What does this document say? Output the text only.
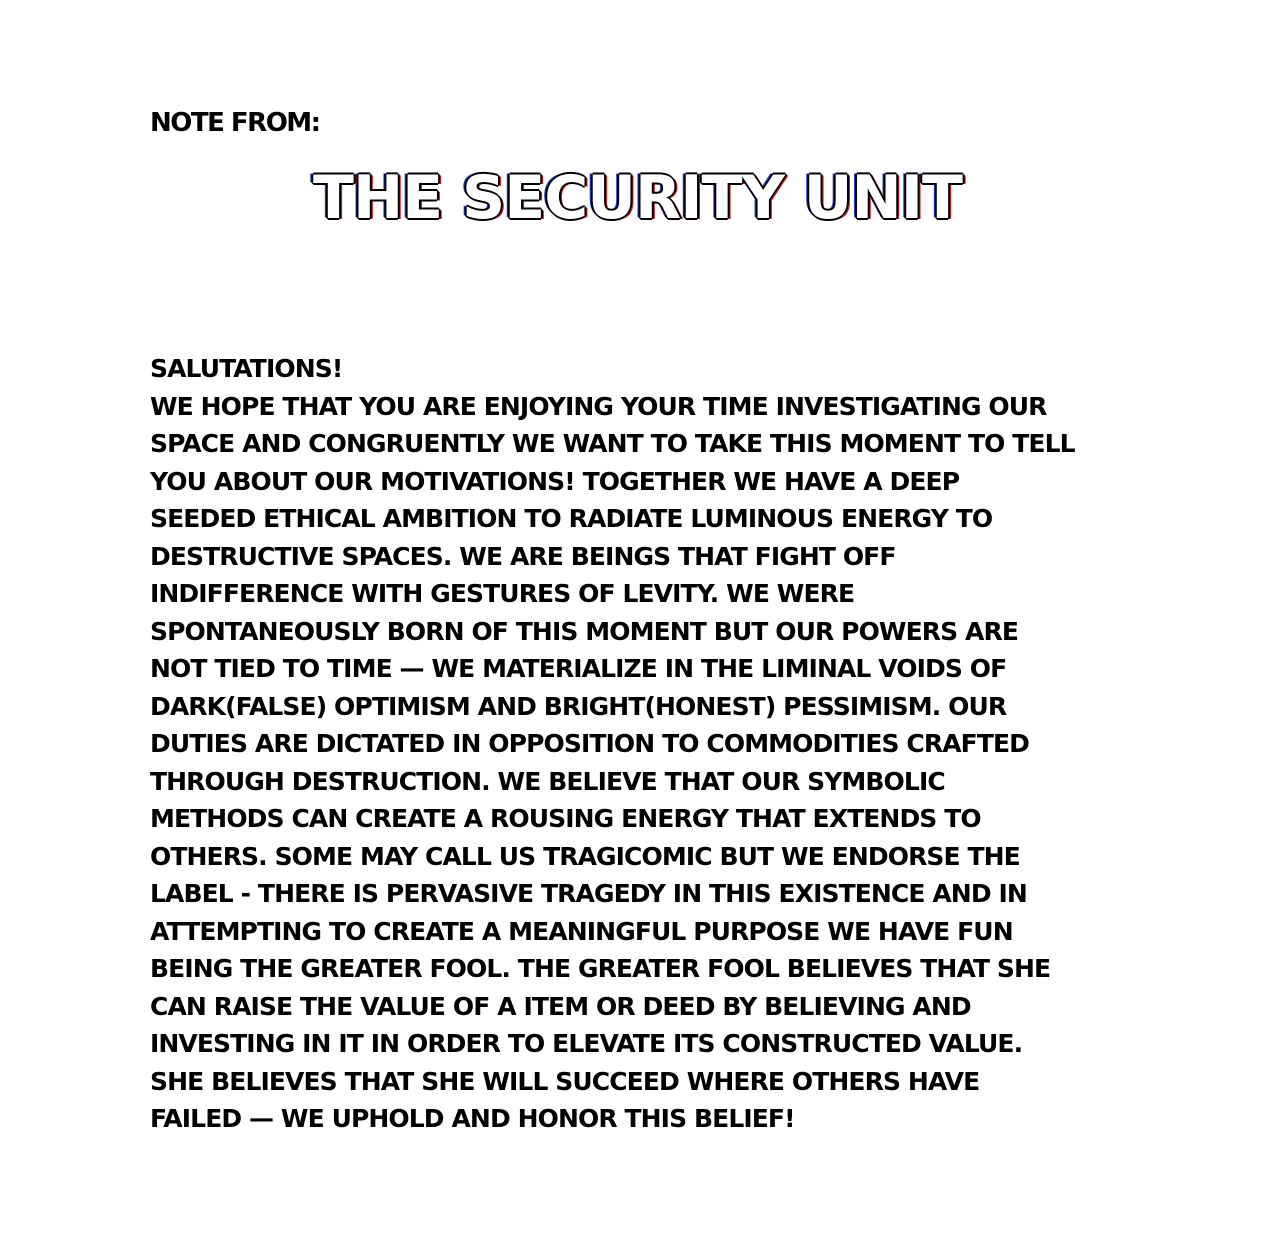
NOTE FROM:

THE SECURITY UNIT
SALUTATIONS!
WE HOPE THAT YOU ARE ENJOYING YOUR TIME INVESTIGATING OUR
SPACE AND CONGRUENTLY WE WANT TO TAKE THIS MOMENT TO TELL
YOU ABOUT OUR MOTIVATIONS! TOGETHER WE HAVE A DEEP
SEEDED ETHICAL AMBITION TO RADIATE LUMINOUS ENERGY TO
DESTRUCTIVE SPACES. WE ARE BEINGS THAT FIGHT OFF
INDIFFERENCE WITH GESTURES OF LEVITY. WE WERE
SPONTANEOUSLY BORN OF THIS MOMENT BUT OUR POWERS ARE
NOT TIED TO TIME — WE MATERIALIZE IN THE LIMINAL VOIDS OF
DARK(FALSE) OPTIMISM AND BRIGHT(HONEST) PESSIMISM. OUR
DUTIES ARE DICTATED IN OPPOSITION TO COMMODITIES CRAFTED
THROUGH DESTRUCTION. WE BELIEVE THAT OUR SYMBOLIC
METHODS CAN CREATE A ROUSING ENERGY THAT EXTENDS TO
OTHERS. SOME MAY CALL US TRAGICOMIC BUT WE ENDORSE THE
LABEL - THERE IS PERVASIVE TRAGEDY IN THIS EXISTENCE AND IN
ATTEMPTING TO CREATE A MEANINGFUL PURPOSE WE HAVE FUN
BEING THE GREATER FOOL. THE GREATER FOOL BELIEVES THAT SHE
CAN RAISE THE VALUE OF A ITEM OR DEED BY BELIEVING AND
INVESTING IN IT IN ORDER TO ELEVATE ITS CONSTRUCTED VALUE.
SHE BELIEVES THAT SHE WILL SUCCEED WHERE OTHERS HAVE
FAILED — WE UPHOLD AND HONOR THIS BELIEF!
